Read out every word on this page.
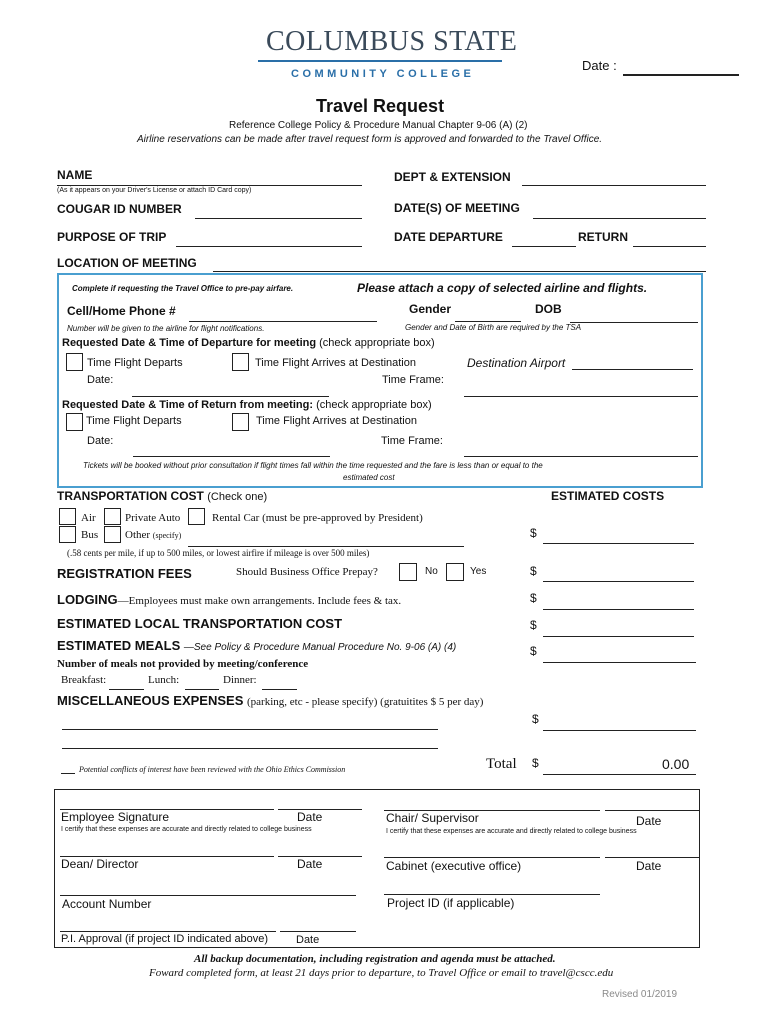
COLUMBUS STATE
COMMUNITY COLLEGE
Date :
Travel Request
Reference College Policy & Procedure Manual Chapter 9-06 (A) (2)
Airline reservations can be made after travel request form is approved and forwarded to the Travel Office.
NAME
(As it appears on your Driver's License or attach ID Card copy)
DEPT & EXTENSION
COUGAR ID NUMBER	DATE(S) OF MEETING
PURPOSE OF TRIP	DATE DEPARTURE	RETURN
LOCATION OF MEETING
Complete if requesting the Travel Office to pre-pay airfare.	Please attach a copy of selected airline and flights.
Cell/Home Phone #	Gender	DOB
Number will be given to the airline for flight notifications.	Gender and Date of Birth are required by the TSA
Requested Date & Time of Departure for meeting (check appropriate box)
Time Flight Departs	Time Flight Arrives at Destination	Destination Airport
Date:	Time Frame:
Requested Date & Time of Return from meeting: (check appropriate box)
Time Flight Departs	Time Flight Arrives at Destination
Date:	Time Frame:
Tickets will be booked without prior consultation if flight times fall within the time requested and the fare is less than or equal to the
estimated cost
TRANSPORTATION COST (Check one)	ESTIMATED COSTS
Air	Private Auto	Rental Car (must be pre-approved by President)
Bus Other (specify)
(.58 cents per mile, if up to 500 miles, or lowest airfire if mileage is over 500 miles)
$
REGISTRATION FEES	Should Business Office Prepay?	No	Yes	$
LODGING—Employees must make own arrangements. Include fees & tax.	$
ESTIMATED LOCAL TRANSPORTATION COST	$
ESTIMATED MEALS —See Policy & Procedure Manual Procedure No. 9-06 (A) (4)	$
Number of meals not provided by meeting/conference
Breakfast:	Lunch:	Dinner:
MISCELLANEOUS EXPENSES (parking, etc - please specify) (gratuitites $ 5 per day)
$
Potential conflicts of interest have been reviewed with the Ohio Ethics Commission	Total $	0.00
Employee Signature	Date
I certify that these expenses are accurate and directly related to college business
Chair/ Supervisor	Date
I certify that these expenses are accurate and directly related to college business
Dean/ Director	Date	Cabinet (executive office)	Date
Account Number	Project ID (if applicable)
P.I. Approval (if project ID indicated above)	Date
All backup documentation, including registration and agenda must be attached.
Foward completed form, at least 21 days prior to departure, to Travel Office or email to travel@cscc.edu
Revised 01/2019
